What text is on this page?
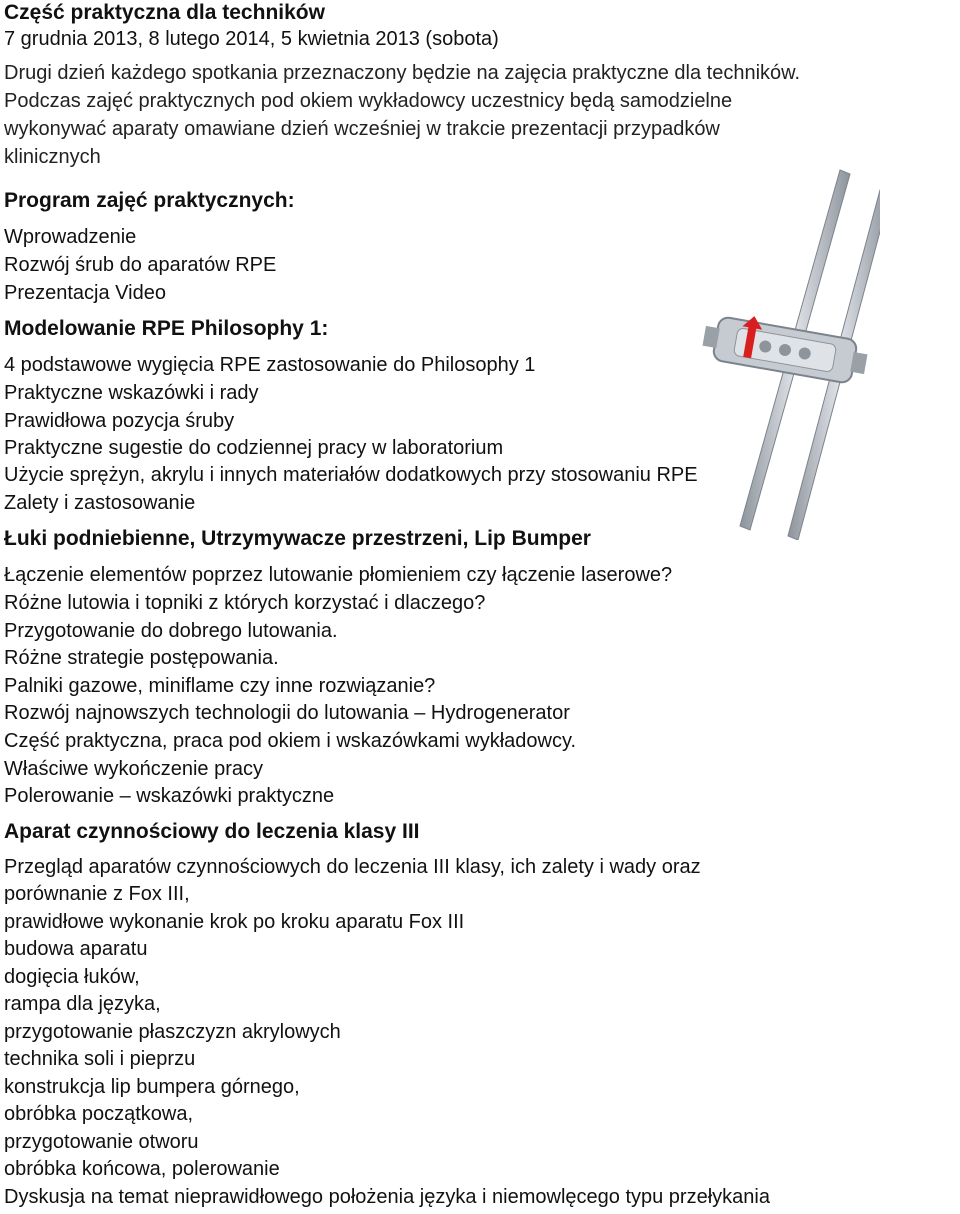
Część praktyczna dla techników
7 grudnia 2013, 8 lutego 2014, 5 kwietnia 2013 (sobota)
Drugi dzień każdego spotkania przeznaczony będzie na zajęcia praktyczne dla techników.
Podczas zajęć praktycznych pod okiem wykładowcy uczestnicy będą samodzielne
wykonywać aparaty omawiane dzień wcześniej w trakcie prezentacji przypadków
klinicznych
Program zajęć praktycznych:
Wprowadzenie
Rozwój śrub do aparatów RPE
Prezentacja Video
Modelowanie RPE Philosophy 1:
4 podstawowe wygięcia RPE zastosowanie do Philosophy 1
Praktyczne wskazówki i rady
Prawidłowa pozycja śruby
Praktyczne sugestie do codziennej pracy w laboratorium
Użycie sprężyn, akrylu i innych materiałów dodatkowych przy stosowaniu RPE
Zalety i zastosowanie
Łuki podniebienne, Utrzymywacze przestrzeni, Lip Bumper
Łączenie elementów poprzez lutowanie płomieniem czy łączenie laserowe?
Różne lutowia i topniki z których korzystać i dlaczego?
Przygotowanie do dobrego lutowania.
Różne strategie postępowania.
Palniki gazowe, miniflame czy inne rozwiązanie?
Rozwój najnowszych technologii do lutowania – Hydrogenerator
Część praktyczna, praca pod okiem i wskazówkami wykładowcy.
Właściwe wykończenie pracy
Polerowanie – wskazówki praktyczne
Aparat czynnościowy do leczenia klasy III
Przegląd aparatów czynnościowych do leczenia III klasy, ich zalety i wady oraz
porównanie z Fox III,
prawidłowe wykonanie krok po kroku aparatu Fox III
budowa aparatu
dogięcia łuków,
rampa dla języka,
przygotowanie płaszczyzn akrylowych
technika soli i pieprzu
konstrukcja lip bumpera górnego,
obróbka początkowa,
przygotowanie otworu
obróbka końcowa, polerowanie
Dyskusja na temat nieprawidłowego położenia języka i niemowlęcego typu przełykania
